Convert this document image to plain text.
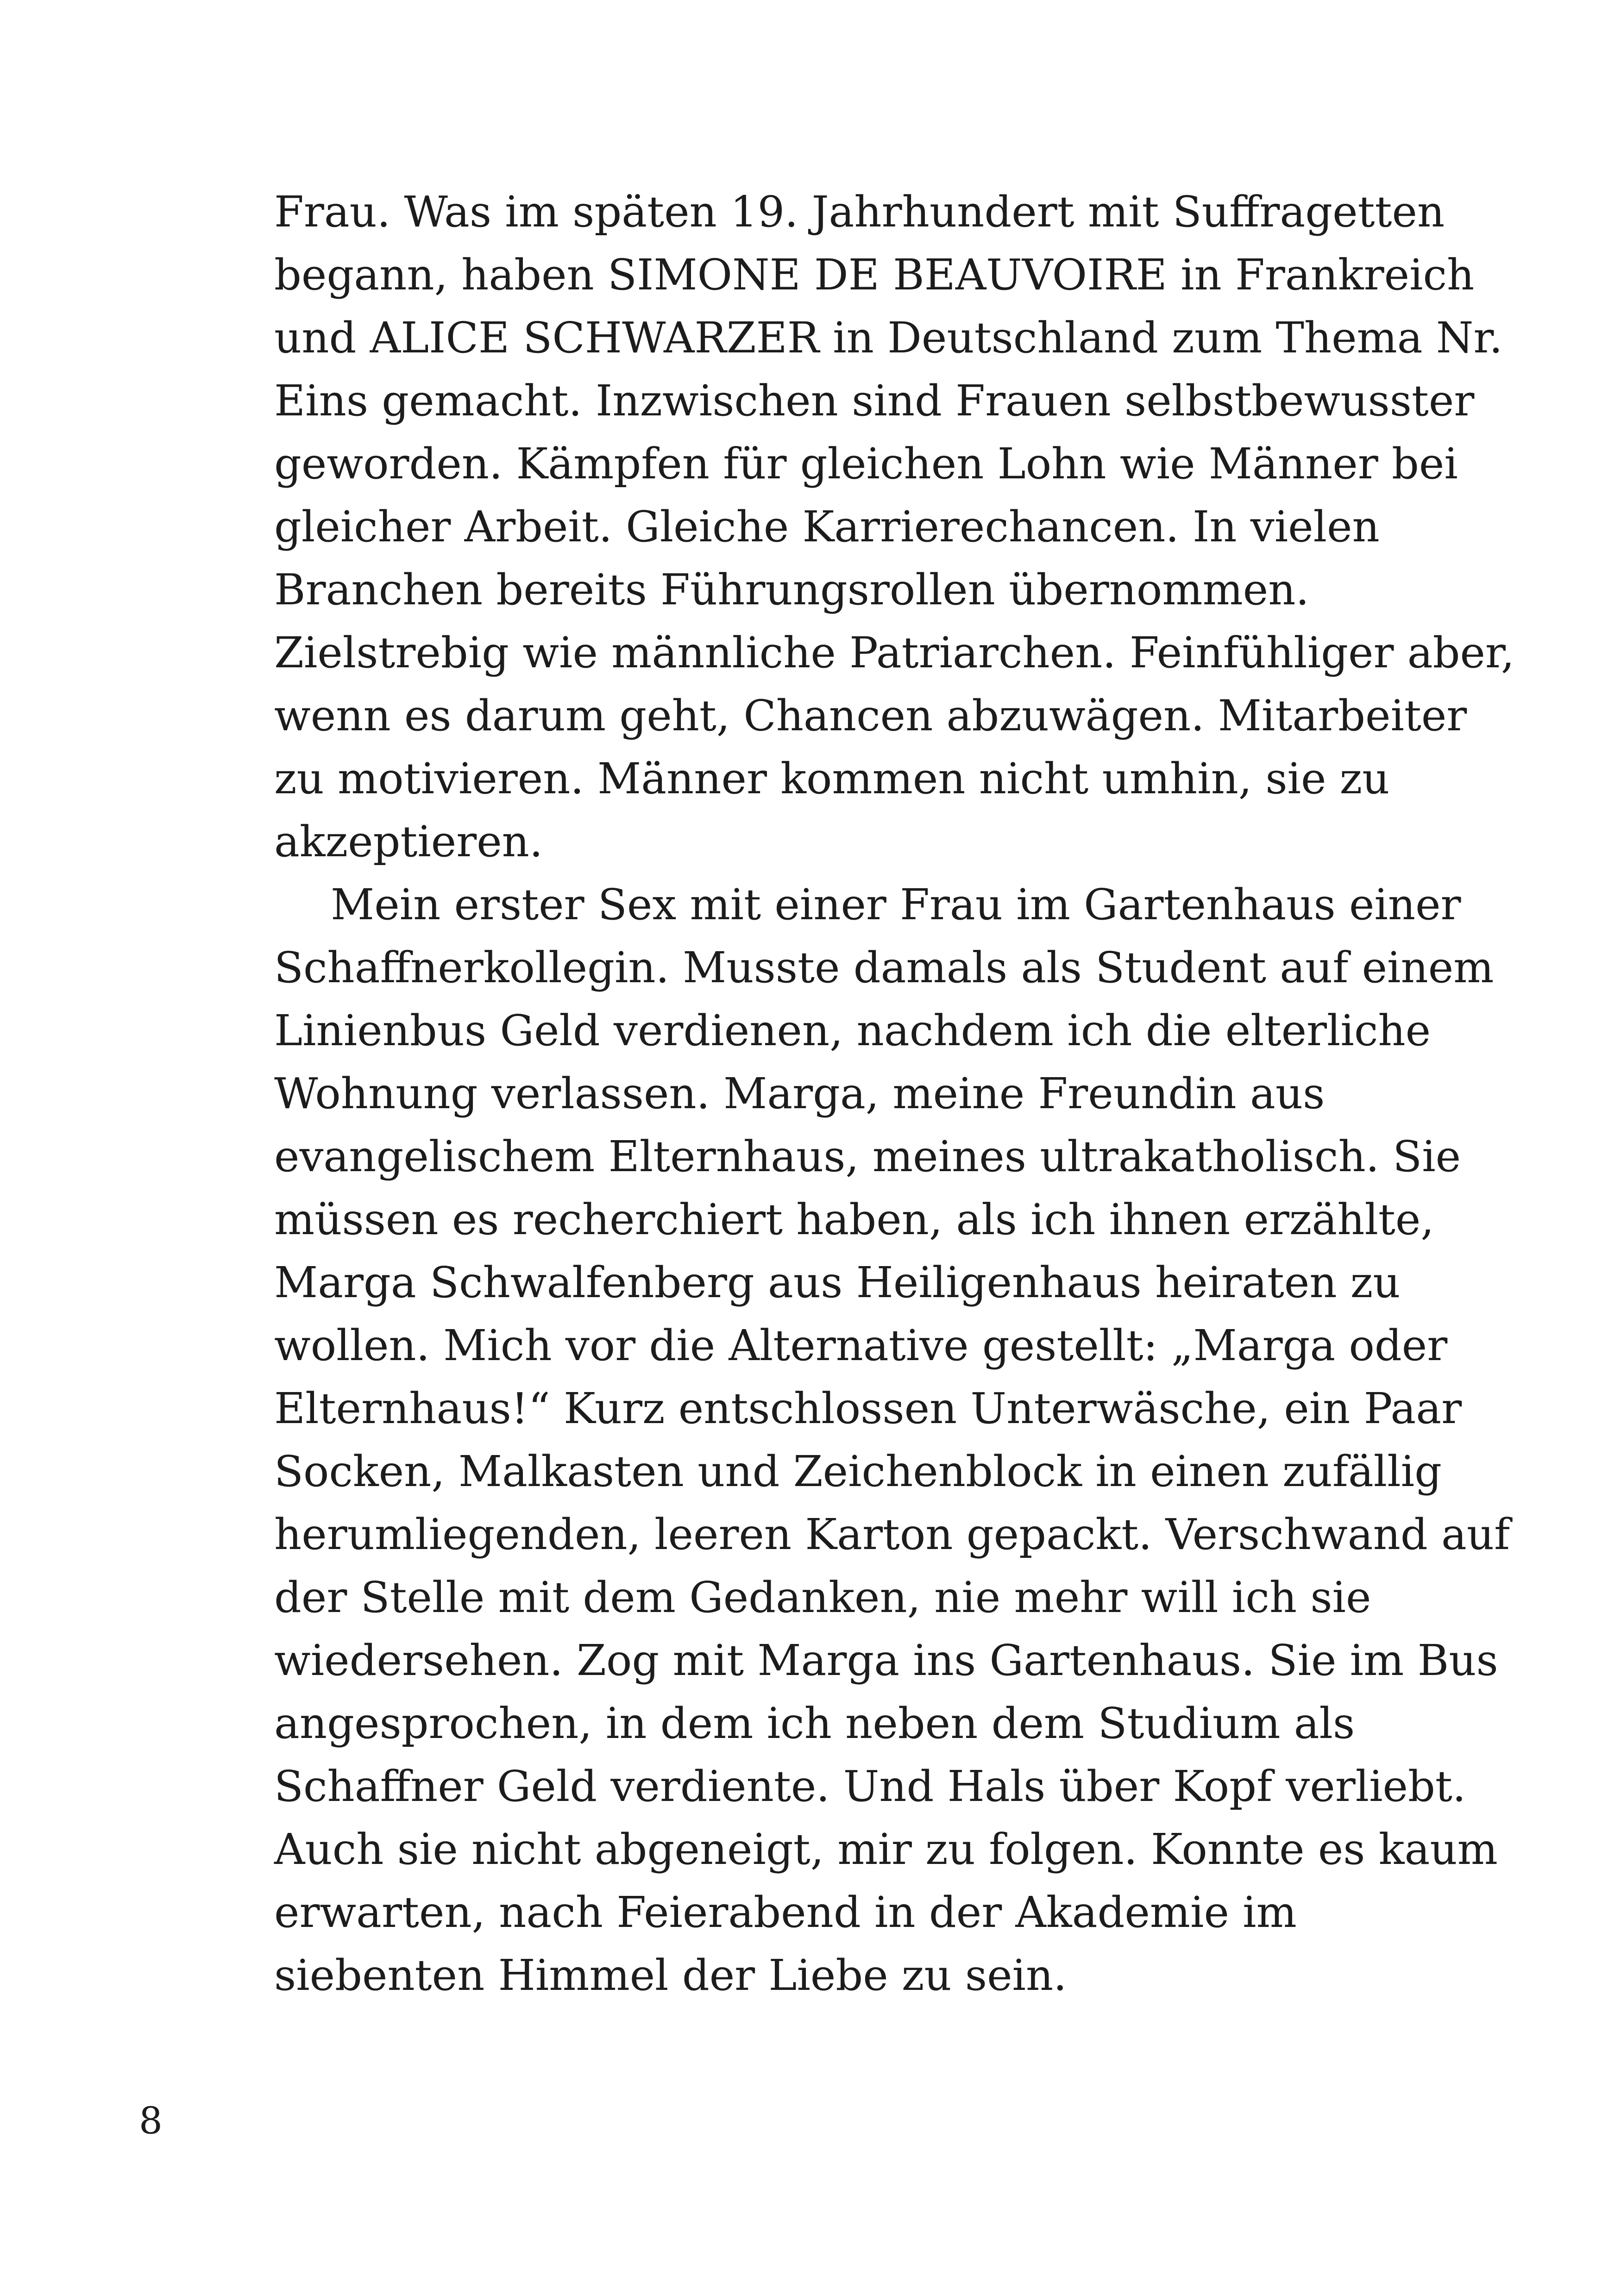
Frau. Was im späten 19. Jahrhundert mit Suffragetten
begann, haben SIMONE DE BEAUVOIRE in Frankreich
und ALICE SCHWARZER in Deutschland zum Thema Nr.
Eins gemacht. Inzwischen sind Frauen selbstbewusster
geworden. Kämpfen für gleichen Lohn wie Männer bei
gleicher Arbeit. Gleiche Karrierechancen. In vielen
Branchen bereits Führungsrollen übernommen.
Zielstrebig wie männliche Patriarchen. Feinfühliger aber,
wenn es darum geht, Chancen abzuwägen. Mitarbeiter
zu motivieren. Männer kommen nicht umhin, sie zu
akzeptieren.
Mein erster Sex mit einer Frau im Gartenhaus einer
Schaffnerkollegin. Musste damals als Student auf einem
Linienbus Geld verdienen, nachdem ich die elterliche
Wohnung verlassen. Marga, meine Freundin aus
evangelischem Elternhaus, meines ultrakatholisch. Sie
müssen es recherchiert haben, als ich ihnen erzählte,
Marga Schwalfenberg aus Heiligenhaus heiraten zu
wollen. Mich vor die Alternative gestellt: „Marga oder
Elternhaus!“ Kurz entschlossen Unterwäsche, ein Paar
Socken, Malkasten und Zeichenblock in einen zufällig
herumliegenden, leeren Karton gepackt. Verschwand auf
der Stelle mit dem Gedanken, nie mehr will ich sie
wiedersehen. Zog mit Marga ins Gartenhaus. Sie im Bus
angesprochen, in dem ich neben dem Studium als
Schaffner Geld verdiente. Und Hals über Kopf verliebt.
Auch sie nicht abgeneigt, mir zu folgen. Konnte es kaum
erwarten, nach Feierabend in der Akademie im
siebenten Himmel der Liebe zu sein.
8
